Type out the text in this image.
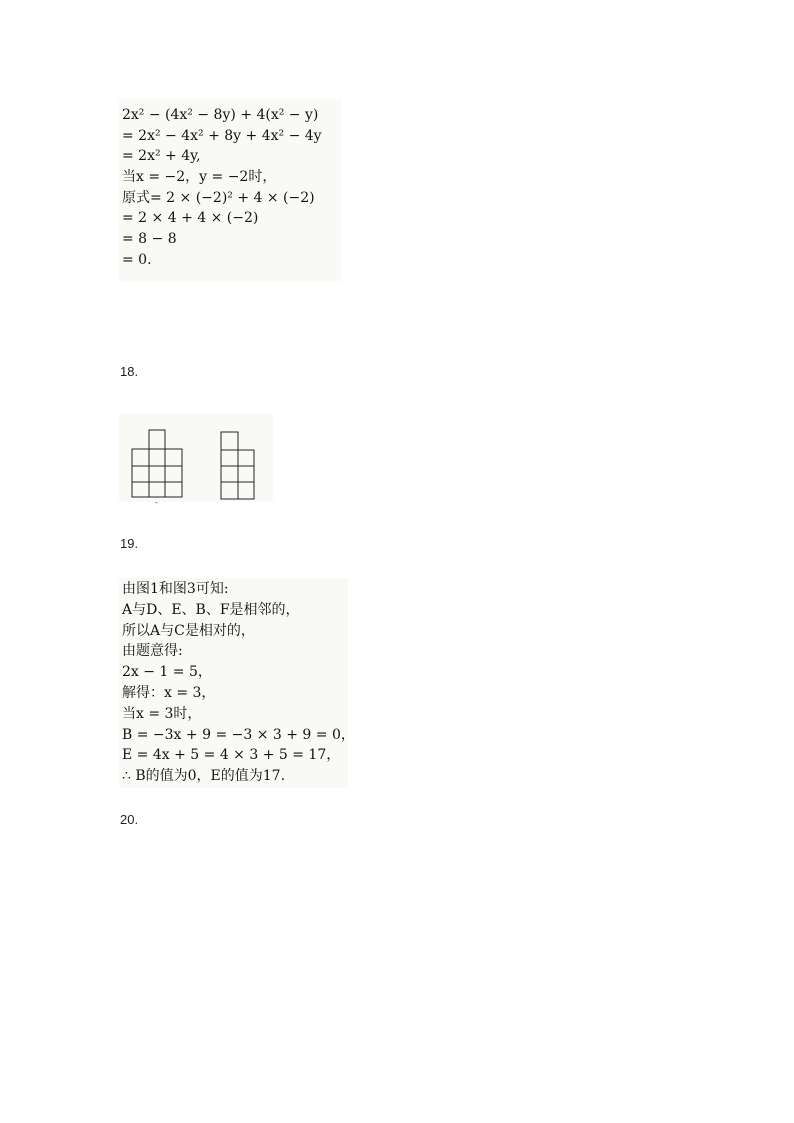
2x² − (4x² − 8y) + 4(x² − y)
= 2x² − 4x² + 8y + 4x² − 4y
= 2x² + 4y,
当x = −2，y = −2时，
原式= 2 × (−2)² + 4 × (−2)
= 2 × 4 + 4 × (−2)
= 8 − 8
= 0.
18.
-
19.
由图1和图3可知:
A与D、E、B、F是相邻的，
所以A与C是相对的，
由题意得:
2x − 1 = 5，
解得：x = 3，
当x = 3时，
B = −3x + 9 = −3 × 3 + 9 = 0，
E = 4x + 5 = 4 × 3 + 5 = 17，
∴ B的值为0，E的值为17.
20.
